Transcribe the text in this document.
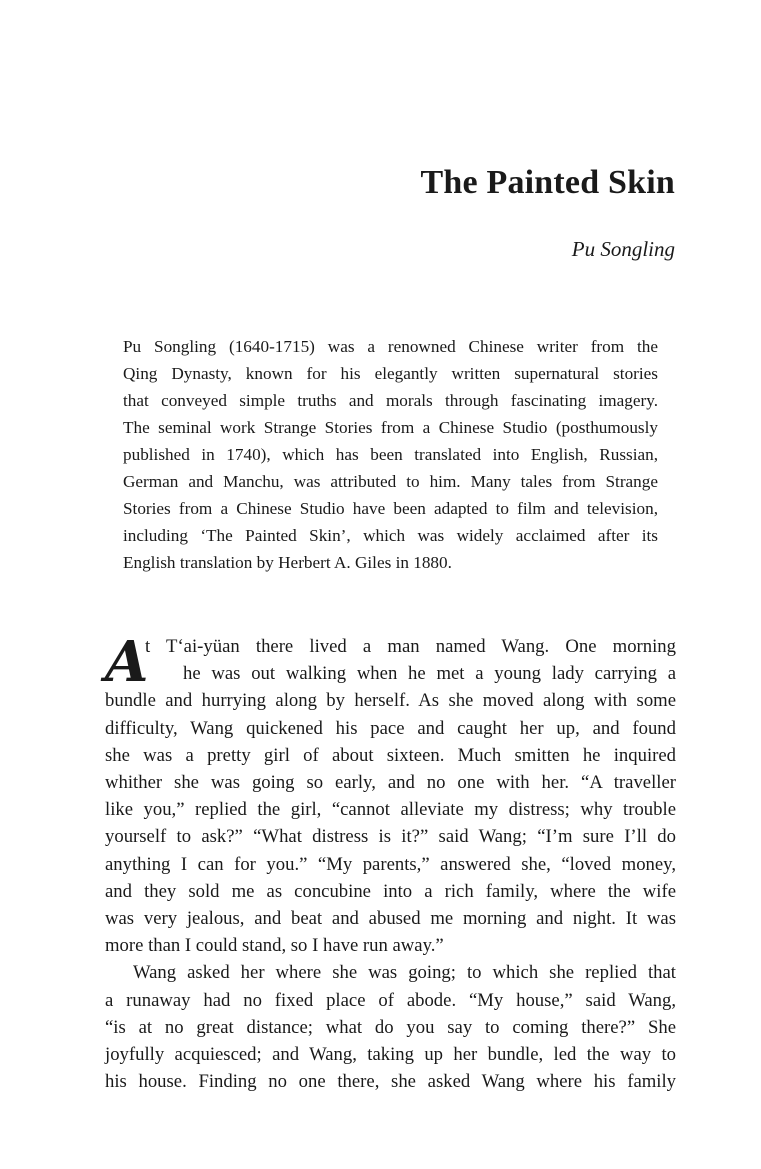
The Painted Skin
Pu Songling
Pu Songling (1640-1715) was a renowned Chinese writer from the
Qing Dynasty, known for his elegantly written supernatural stories
that conveyed simple truths and morals through fascinating imagery.
The seminal work Strange Stories from a Chinese Studio (posthumously
published in 1740), which has been translated into English, Russian,
German and Manchu, was attributed to him. Many tales from Strange
Stories from a Chinese Studio have been adapted to film and television,
including ‘The Painted Skin’, which was widely acclaimed after its
English translation by Herbert A. Giles in 1880.
A
t T‘ai-yüan there lived a man named Wang. One morning
he was out walking when he met a young lady carrying a
bundle and hurrying along by herself. As she moved along with some
difficulty, Wang quickened his pace and caught her up, and found
she was a pretty girl of about sixteen. Much smitten he inquired
whither she was going so early, and no one with her. “A traveller
like you,” replied the girl, “cannot alleviate my distress; why trouble
yourself to ask?” “What distress is it?” said Wang; “I’m sure I’ll do
anything I can for you.” “My parents,” answered she, “loved money,
and they sold me as concubine into a rich family, where the wife
was very jealous, and beat and abused me morning and night. It was
more than I could stand, so I have run away.”
Wang asked her where she was going; to which she replied that
a runaway had no fixed place of abode. “My house,” said Wang,
“is at no great distance; what do you say to coming there?” She
joyfully acquiesced; and Wang, taking up her bundle, led the way to
his house. Finding no one there, she asked Wang where his family
